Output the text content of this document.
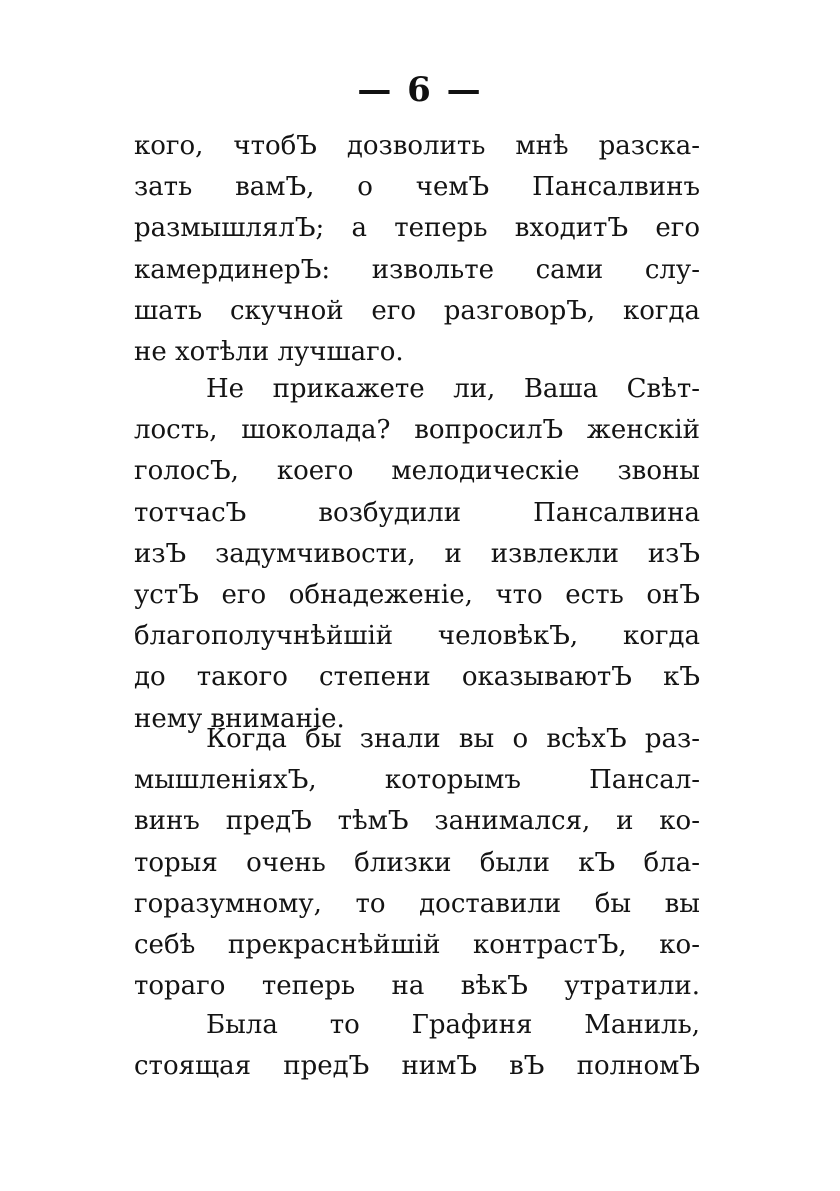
— 6 —
кого, чтобЪ дозволить мнѣ разска-
зать вамЪ, о чемЪ Пансалвинъ
размышлялЪ; а теперь входитЪ его
камердинерЪ: извольте сами слу-
шать скучной его разговорЪ, когда
не хотѣли лучшаго.
Не прикажете ли, Ваша Свѣт-
лость, шоколада? вопросилЪ женскій
голосЪ, коего мелодическіе звоны
тотчасЪ возбудили Пансалвина
изЪ задумчивости, и извлекли изЪ
устЪ его обнадеженіе, что есть онЪ
благополучнѣйшій человѣкЪ, когда
до такого степени оказываютЪ кЪ
нему вниманіе.
Когда бы знали вы о всѣхЪ раз-
мышленіяхЪ, которымъ Пансал-
винъ предЪ тѣмЪ занимался, и ко-
торыя очень близки были кЪ бла-
горазумному, то доставили бы вы
себѣ прекраснѣйшій контрастЪ, ко-
тораго теперь на вѣкЪ утратили.
Была то Графиня Маниль,
стоящая предЪ нимЪ вЪ полномЪ
